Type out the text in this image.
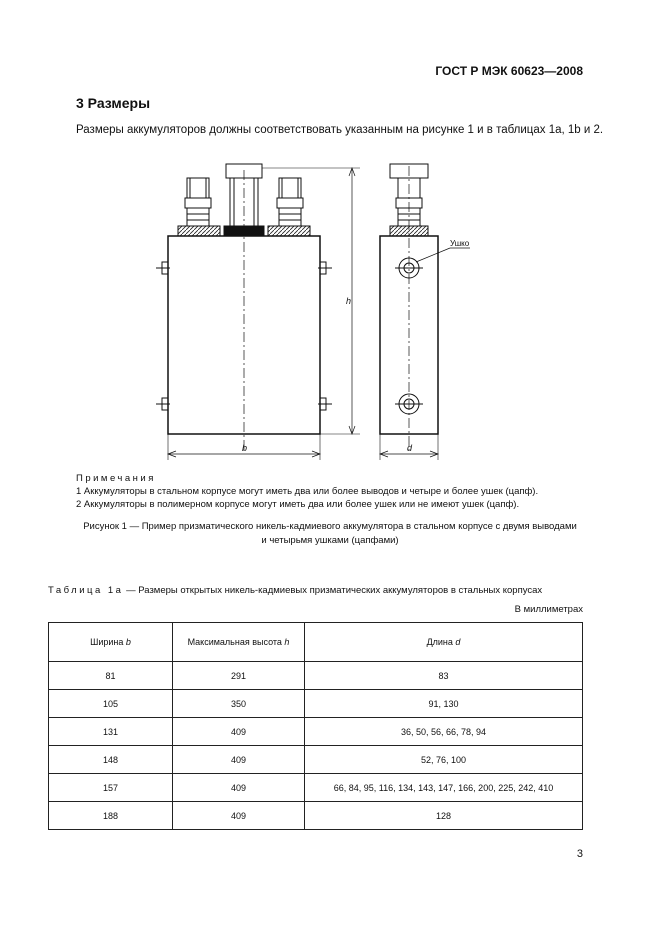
ГОСТ Р МЭК 60623—2008
3 Размеры
Размеры аккумуляторов должны соответствовать указанным на рисунке 1 и в таблицах 1а, 1b и 2.
h
b	d
Ушко
Примечания
1 Аккумуляторы в стальном корпусе могут иметь два или более выводов и четыре и более ушек (цапф).
2 Аккумуляторы в полимерном корпусе могут иметь два или более ушек или не имеют ушек (цапф).
Рисунок 1 — Пример призматического никель-кадмиевого аккумулятора в стальном корпусе с двумя выводами
и четырьмя ушками (цапфами)
Таблица 1a — Размеры открытых никель-кадмиевых призматических аккумуляторов в стальных корпусах
В миллиметрах
Ширина b	Максимальная высота h	Длина d
81	291	83
105	350	91, 130
131	409	36, 50, 56, 66, 78, 94
148	409	52, 76, 100
157	409	66, 84, 95, 116, 134, 143, 147, 166, 200, 225, 242, 410
188	409	128
3
